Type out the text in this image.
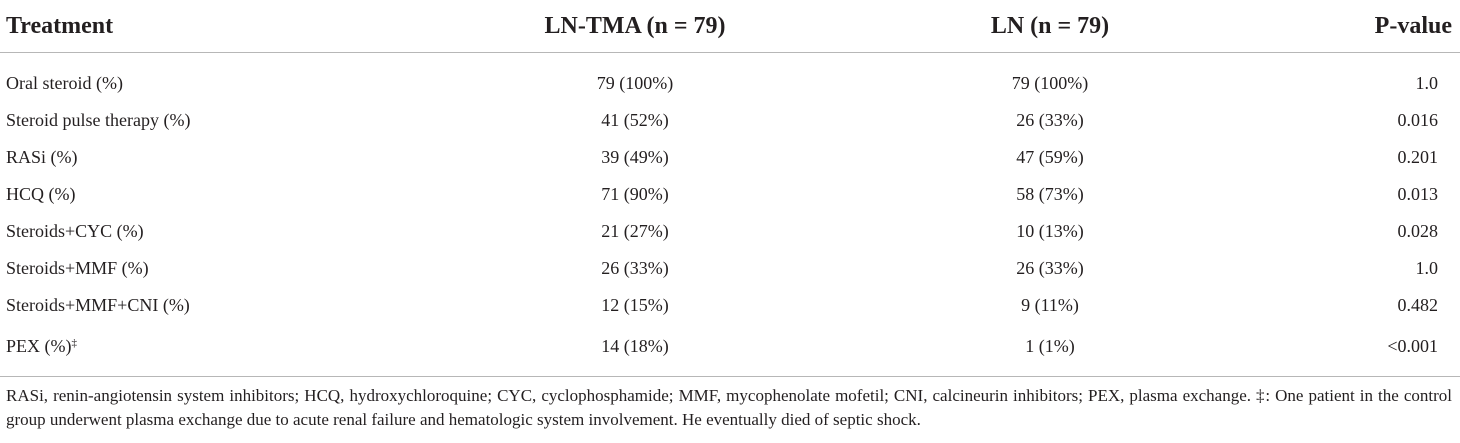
Treatment	LN-TMA (n = 79)	LN (n = 79)	P-value
Oral steroid (%)	79 (100%)	79 (100%)	1.0
Steroid pulse therapy (%)	41 (52%)	26 (33%)	0.016
RASi (%)	39 (49%)	47 (59%)	0.201
HCQ (%)	71 (90%)	58 (73%)	0.013
Steroids+CYC (%)	21 (27%)	10 (13%)	0.028
Steroids+MMF (%)	26 (33%)	26 (33%)	1.0
Steroids+MMF+CNI (%)	12 (15%)	9 (11%)	0.482
PEX (%)‡	14 (18%)	1 (1%)	<0.001
RASi, renin-angiotensin system inhibitors; HCQ, hydroxychloroquine; CYC, cyclophosphamide; MMF, mycophenolate mofetil; CNI, calcineurin inhibitors; PEX, plasma exchange. ‡: One patient in the control group underwent plasma exchange due to acute renal failure and hematologic system involvement. He eventually died of septic shock.
